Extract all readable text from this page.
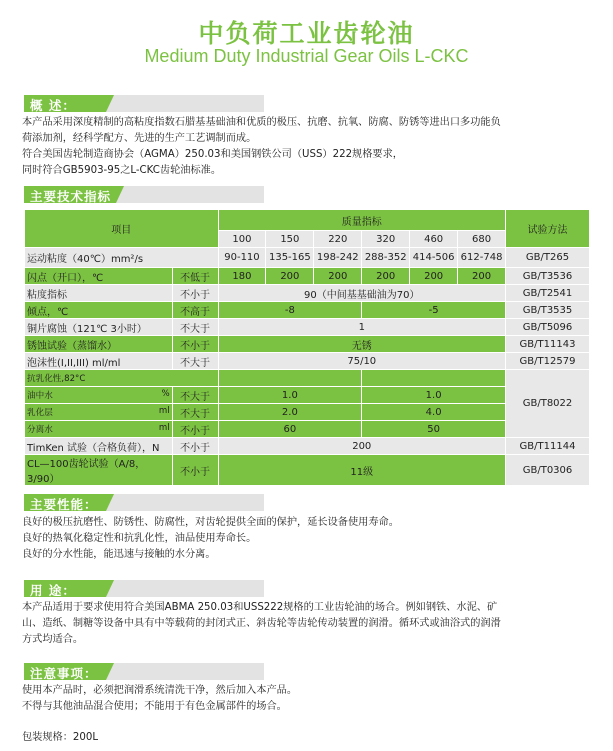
中负荷工业齿轮油
Medium Duty Industrial Gear Oils L-CKC
概 述：
本产品采用深度精制的高粘度指数石腊基基础油和优质的极压、抗磨、抗氧、防腐、防锈等进出口多功能负
荷添加剂，经科学配方、先进的生产工艺调制而成。
符合美国齿轮制造商协会（AGMA）250.03和美国钢铁公司（USS）222规格要求，
同时符合GB5903-95之L-CKC齿轮油标准。
主要技术指标
项目		质量指标						试验方法
		100	150	220	320	460	680	
运动粘度（40℃）mm²/s		90-110	135-165	198-242	288-352	414-506	612-748	GB/T265
闪点（开口），℃	不低于	180	200	200	200	200	200	GB/T3536
粘度指标	不小于	90（中间基基础油为70）						GB/T2541
倾点，℃	不高于	-8			-5			GB/T3535
铜片腐蚀（121℃ 3小时）	不大于	1						GB/T5096
锈蚀试验（蒸馏水）	不小于	无锈						GB/T11143
泡沫性(I,II,III) ml/ml	不大于	75/10						GB/T12579
抗乳化性,82°C								GB/T8022
油中水 %	不大于	1.0			1.0			
乳化层 ml	不大于	2.0			4.0			
分离水 ml	不小于	60			50			
TimKen 试验（合格负荷），N	不小于	200						GB/T11144
CL—100齿轮试验（A/8，3/90）	不小于	11级						GB/T0306
主要性能：
良好的极压抗磨性、防锈性、防腐性，对齿轮提供全面的保护，延长设备使用寿命。
良好的热氧化稳定性和抗乳化性，油品使用寿命长。
良好的分水性能，能迅速与接触的水分离。
用 途：
本产品适用于要求使用符合美国ABMA 250.03和USS222规格的工业齿轮油的场合。例如钢铁、水泥、矿
山、造纸、制糖等设备中具有中等载荷的封闭式正、斜齿轮等齿轮传动装置的润滑。循环式或油浴式的润滑
方式均适合。
注意事项：
使用本产品时，必须把润滑系统清洗干净，然后加入本产品。
不得与其他油品混合使用；不能用于有色金属部件的场合。
包装规格：200L
